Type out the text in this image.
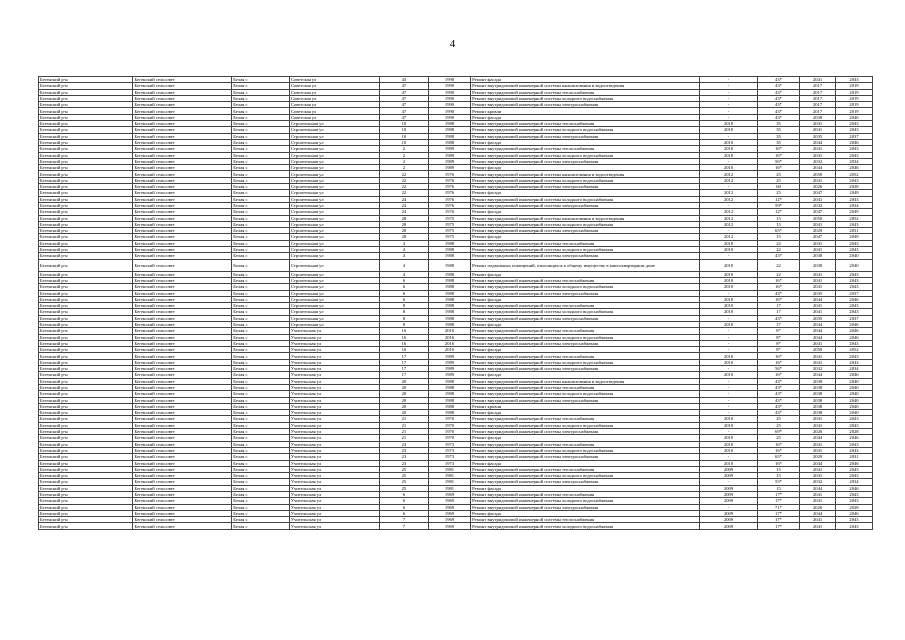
4
Бегенский р-н	Бегенский сельсовет	Белая с	Советская ул	43	1990	Ремонт фасада	-	43*	2041	2043
Бегенский р-н	Бегенский сельсовет	Белая с	Советская ул	47	1990	Ремонт внутридомовой инженерной системы канализования и водоотведения	-	43*	2017	2019
Бегенский р-н	Бегенский сельсовет	Белая с	Советская ул	47	1990	Ремонт внутридомовой инженерной системы теплоснабжения	-	43*	2017	2019
Бегенский р-н	Бегенский сельсовет	Белая с	Советская ул	47	1990	Ремонт внутридомовой инженерной системы холодного водоснабжения	-	43*	2017	2019
Бегенский р-н	Бегенский сельсовет	Белая с	Советская ул	47	1990	Ремонт внутридомовой инженерной системы электроснабжения	-	43*	2017	2019
Бегенский р-н	Бегенский сельсовет	Белая с	Советская ул	47	1990	Ремонт кровли	-	43*	2017	2019
Бегенский р-н	Бегенский сельсовет	Белая с	Советская ул	47	1990	Ремонт фасада	-	43*	2038	2040
Бегенский р-н	Бегенский сельсовет	Белая с	Строительная ул	10	1988	Ремонт внутридомовой инженерной системы теплоснабжения	2010	35	2041	2043
Бегенский р-н	Бегенский сельсовет	Белая с	Строительная ул	10	1988	Ремонт внутридомовой инженерной системы холодного водоснабжения	2010	35	2041	2043
Бегенский р-н	Бегенский сельсовет	Белая с	Строительная ул	10	1988	Ремонт внутридомовой инженерной системы электроснабжения	-	35	2035	2037
Бегенский р-н	Бегенский сельсовет	Белая с	Строительная ул	10	1988	Ремонт фасада	2010	35	2044	2046
Бегенский р-н	Бегенский сельсовет	Белая с	Строительная ул	2	1989	Ремонт внутридомовой инженерной системы теплоснабжения	2010	16*	2041	2043
Бегенский р-н	Бегенский сельсовет	Белая с	Строительная ул	2	1989	Ремонт внутридомовой инженерной системы холодного водоснабжения	2010	16*	2041	2043
Бегенский р-н	Бегенский сельсовет	Белая с	Строительная ул	2	1989	Ремонт внутридомовой инженерной системы электроснабжения	-	56*	2032	2034
Бегенский р-н	Бегенский сельсовет	Белая с	Строительная ул	2	1989	Ремонт фасада	2010	16*	2044	2046
Бегенский р-н	Бегенский сельсовет	Белая с	Строительная ул	22	1976	Ремонт внутридомовой инженерной системы канализования и водоотведения	2012	25	2050	2052
Бегенский р-н	Бегенский сельсовет	Белая с	Строительная ул	22	1976	Ремонт внутридомовой инженерной системы холодного водоснабжения	2012	25	2041	2043
Бегенский р-н	Бегенский сельсовет	Белая с	Строительная ул	22	1976	Ремонт внутридомовой инженерной системы электроснабжения	-	60	2026	2028
Бегенский р-н	Бегенский сельсовет	Белая с	Строительная ул	22	1976	Ремонт фасада	2012	25	2047	2049
Бегенский р-н	Бегенский сельсовет	Белая с	Строительная ул	24	1976	Ремонт внутридомовой инженерной системы холодного водоснабжения	2012	12*	2041	2043
Бегенский р-н	Бегенский сельсовет	Белая с	Строительная ул	24	1976	Ремонт внутридомовой инженерной системы электроснабжения	-	59*	2032	2034
Бегенский р-н	Бегенский сельсовет	Белая с	Строительная ул	24	1976	Ремонт фасада	2012	12*	2047	2049
Бегенский р-н	Бегенский сельсовет	Белая с	Строительная ул	28	1975	Ремонт внутридомовой инженерной системы канализования и водоотведения	2012	15	2050	2052
Бегенский р-н	Бегенский сельсовет	Белая с	Строительная ул	28	1975	Ремонт внутридомовой инженерной системы холодного водоснабжения	2012	15	2041	2043
Бегенский р-н	Бегенский сельсовет	Белая с	Строительная ул	28	1975	Ремонт внутридомовой инженерной системы электроснабжения	-	65*	2029	2031
Бегенский р-н	Бегенский сельсовет	Белая с	Строительная ул	28	1975	Ремонт фасада	2012	15	2047	2049
Бегенский р-н	Бегенский сельсовет	Белая с	Строительная ул	4	1988	Ремонт внутридомовой инженерной системы теплоснабжения	2010	22	2041	2043
Бегенский р-н	Бегенский сельсовет	Белая с	Строительная ул	4	1988	Ремонт внутридомовой инженерной системы холодного водоснабжения	2010	22	2041	2043
Бегенский р-н	Бегенский сельсовет	Белая с	Строительная ул	4	1988	Ремонт внутридомовой инженерной системы электроснабжения	-	43*	2038	2040
Бегенский р-н	Бегенский сельсовет	Белая с	Строительная ул	4	1988	Ремонт подвальных помещений, относящихся к общему имуществу в многоквартирном доме	2010	22	2038	2040
Бегенский р-н	Бегенский сельсовет	Белая с	Строительная ул	4	1988	Ремонт фасада	2010	22	2041	2043
Бегенский р-н	Бегенский сельсовет	Белая с	Строительная ул	6	1988	Ремонт внутридомовой инженерной системы теплоснабжения	2010	16*	2041	2043
Бегенский р-н	Бегенский сельсовет	Белая с	Строительная ул	6	1988	Ремонт внутридомовой инженерной системы холодного водоснабжения	2010	16*	2041	2043
Бегенский р-н	Бегенский сельсовет	Белая с	Строительная ул	6	1988	Ремонт внутридомовой инженерной системы электроснабжения	-	43*	2035	2037
Бегенский р-н	Бегенский сельсовет	Белая с	Строительная ул	6	1988	Ремонт фасада	2010	16*	2044	2046
Бегенский р-н	Бегенский сельсовет	Белая с	Строительная ул	8	1988	Ремонт внутридомовой инженерной системы теплоснабжения	2010	17	2041	2043
Бегенский р-н	Бегенский сельсовет	Белая с	Строительная ул	8	1988	Ремонт внутридомовой инженерной системы холодного водоснабжения	2010	17	2041	2043
Бегенский р-н	Бегенский сельсовет	Белая с	Строительная ул	8	1988	Ремонт внутридомовой инженерной системы электроснабжения	-	43*	2035	2037
Бегенский р-н	Бегенский сельсовет	Белая с	Строительная ул	8	1988	Ремонт фасада	2010	17	2044	2046
Бегенский р-н	Бегенский сельсовет	Белая с	Учительская ул	16	2016	Ремонт внутридомовой инженерной системы теплоснабжения	-	8*	2044	2046
Бегенский р-н	Бегенский сельсовет	Белая с	Учительская ул	16	2016	Ремонт внутридомовой инженерной системы холодного водоснабжения	-	8*	2044	2046
Бегенский р-н	Бегенский сельсовет	Белая с	Учительская ул	16	2016	Ремонт внутридомовой инженерной системы электроснабжения	-	8*	2041	2043
Бегенский р-н	Бегенский сельсовет	Белая с	Учительская ул	16	2016	Ремонт фасада	-	8*	2050	2052
Бегенский р-н	Бегенский сельсовет	Белая с	Учительская ул	17	1989	Ремонт внутридомовой инженерной системы теплоснабжения	2010	16*	2041	2043
Бегенский р-н	Бегенский сельсовет	Белая с	Учительская ул	17	1989	Ремонт внутридомовой инженерной системы холодного водоснабжения	2010	16*	2041	2043
Бегенский р-н	Бегенский сельсовет	Белая с	Учительская ул	17	1989	Ремонт внутридомовой инженерной системы электроснабжения	-	56*	2032	2034
Бегенский р-н	Бегенский сельсовет	Белая с	Учительская ул	17	1989	Ремонт фасада	2010	16*	2044	2046
Бегенский р-н	Бегенский сельсовет	Белая с	Учительская ул	20	1988	Ремонт внутридомовой инженерной системы канализования и водоотведения	-	43*	2038	2040
Бегенский р-н	Бегенский сельсовет	Белая с	Учительская ул	20	1988	Ремонт внутридомовой инженерной системы теплоснабжения	-	43*	2038	2040
Бегенский р-н	Бегенский сельсовет	Белая с	Учительская ул	20	1988	Ремонт внутридомовой инженерной системы холодного водоснабжения	-	43*	2038	2040
Бегенский р-н	Бегенский сельсовет	Белая с	Учительская ул	20	1988	Ремонт внутридомовой инженерной системы электроснабжения	-	43*	2038	2040
Бегенский р-н	Бегенский сельсовет	Белая с	Учительская ул	20	1988	Ремонт кровли	-	43*	2038	2040
Бегенский р-н	Бегенский сельсовет	Белая с	Учительская ул	20	1988	Ремонт фасада	-	43*	2038	2040
Бегенский р-н	Бегенский сельсовет	Белая с	Учительская ул	21	1970	Ремонт внутридомовой инженерной системы теплоснабжения	2010	25	2041	2043
Бегенский р-н	Бегенский сельсовет	Белая с	Учительская ул	21	1970	Ремонт внутридомовой инженерной системы холодного водоснабжения	2010	25	2041	2043
Бегенский р-н	Бегенский сельсовет	Белая с	Учительская ул	21	1970	Ремонт внутридомовой инженерной системы электроснабжения	-	69*	2026	2028
Бегенский р-н	Бегенский сельсовет	Белая с	Учительская ул	21	1970	Ремонт фасада	2010	25	2044	2046
Бегенский р-н	Бегенский сельсовет	Белая с	Учительская ул	23	1973	Ремонт внутридомовой инженерной системы теплоснабжения	2010	16*	2041	2043
Бегенский р-н	Бегенский сельсовет	Белая с	Учительская ул	23	1973	Ремонт внутридомовой инженерной системы холодного водоснабжения	2010	16*	2041	2043
Бегенский р-н	Бегенский сельсовет	Белая с	Учительская ул	23	1973	Ремонт внутридомовой инженерной системы электроснабжения	-	65*	2029	2031
Бегенский р-н	Бегенский сельсовет	Белая с	Учительская ул	23	1973	Ремонт фасада	2010	16*	2044	2046
Бегенский р-н	Бегенский сельсовет	Белая с	Учительская ул	25	1981	Ремонт внутридомовой инженерной системы теплоснабжения	2009	15	2041	2043
Бегенский р-н	Бегенский сельсовет	Белая с	Учительская ул	25	1981	Ремонт внутридомовой инженерной системы холодного водоснабжения	2009	15	2041	2043
Бегенский р-н	Бегенский сельсовет	Белая с	Учительская ул	25	1981	Ремонт внутридомовой инженерной системы электроснабжения	-	53*	2032	2034
Бегенский р-н	Бегенский сельсовет	Белая с	Учительская ул	25	1981	Ремонт фасада	2009	15	2044	2046
Бегенский р-н	Бегенский сельсовет	Белая с	Учительская ул	6	1969	Ремонт внутридомовой инженерной системы теплоснабжения	2009	17*	2041	2043
Бегенский р-н	Бегенский сельсовет	Белая с	Учительская ул	6	1969	Ремонт внутридомовой инженерной системы холодного водоснабжения	2009	17*	2041	2043
Бегенский р-н	Бегенский сельсовет	Белая с	Учительская ул	6	1969	Ремонт внутридомовой инженерной системы электроснабжения	-	71*	2026	2028
Бегенский р-н	Бегенский сельсовет	Белая с	Учительская ул	6	1969	Ремонт фасада	2009	17*	2044	2046
Бегенский р-н	Бегенский сельсовет	Белая с	Учительская ул	7	1969	Ремонт внутридомовой инженерной системы теплоснабжения	2009	17*	2041	2043
Бегенский р-н	Бегенский сельсовет	Белая с	Учительская ул	7	1969	Ремонт внутридомовой инженерной системы холодного водоснабжения	2009	17*	2041	2043
